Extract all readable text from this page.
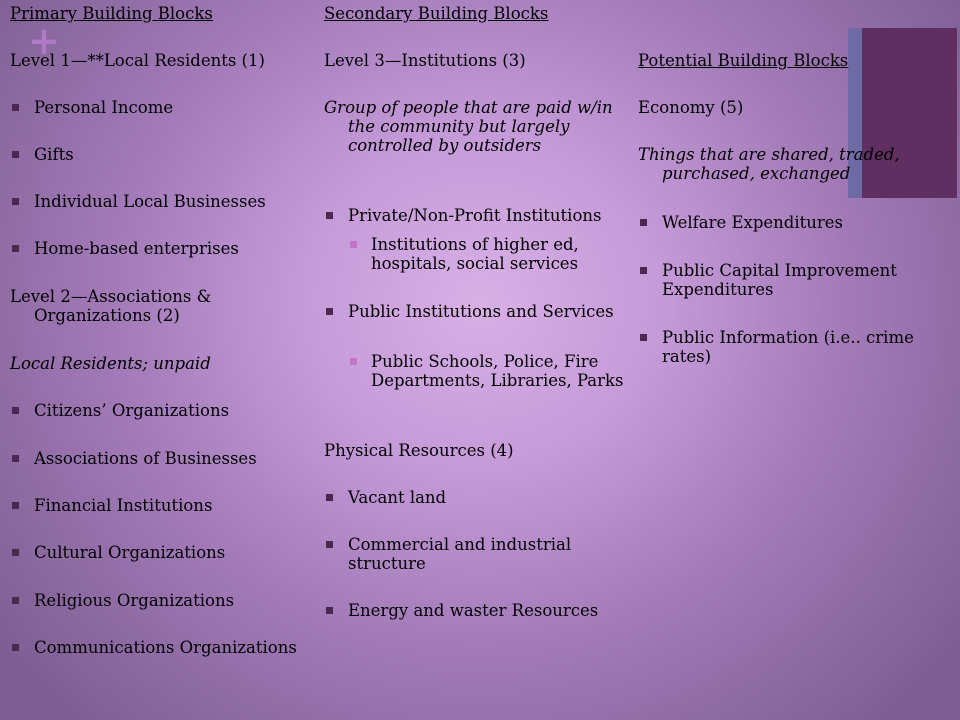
+
Primary Building Blocks
Level 1—**Local Residents (1)
Personal Income
Gifts
Individual Local Businesses
Home-based enterprises
Level 2—Associations & Organizations (2)
Local Residents; unpaid
Citizens’ Organizations
Associations of Businesses
Financial Institutions
Cultural Organizations
Religious Organizations
Communications Organizations
Secondary Building Blocks
Level 3—Institutions (3)
Group of people that are paid w/in the community but largely controlled by outsiders
Private/Non-Profit Institutions
Institutions of higher ed, hospitals, social services
Public Institutions and Services
Public Schools, Police, Fire Departments, Libraries, Parks
Physical Resources (4)
Vacant land
Commercial and industrial structure
Energy and waster Resources
Potential Building Blocks
Economy (5)
Things that are shared, traded, purchased, exchanged
Welfare Expenditures
Public Capital Improvement Expenditures
Public Information (i.e.. crime rates)
